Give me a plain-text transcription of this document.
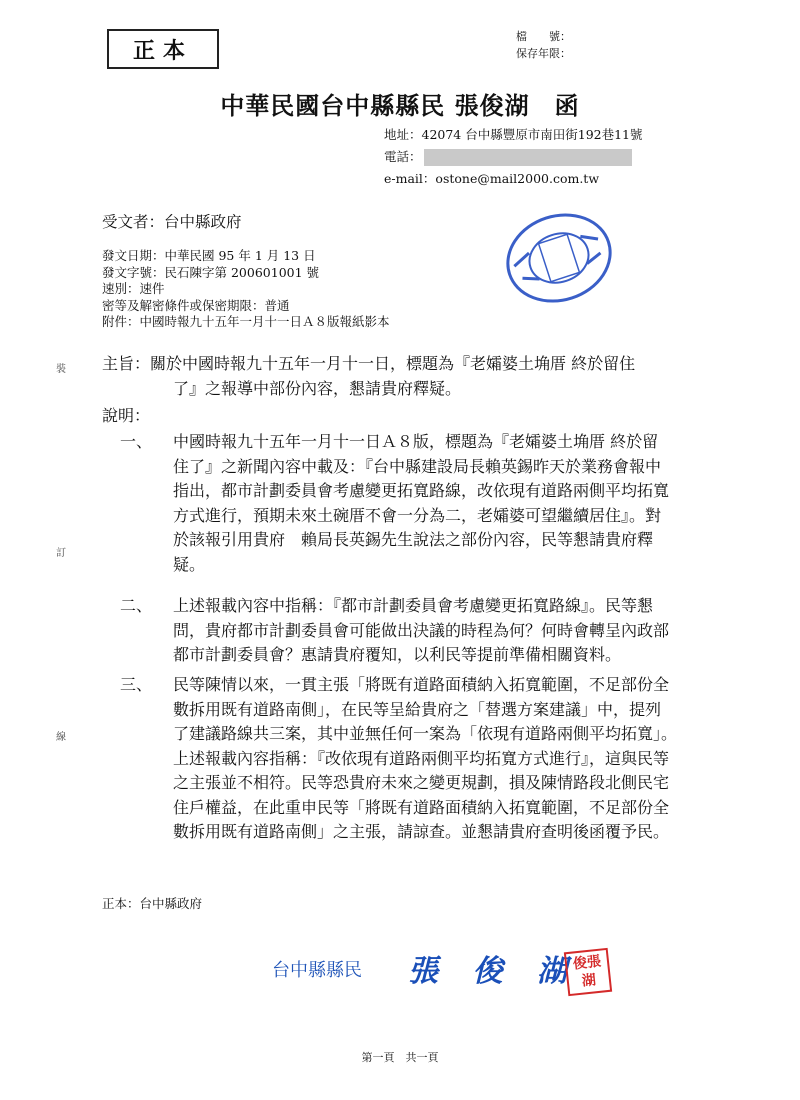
正本
檔　　號：
保存年限：
中華民國台中縣縣民 張俊湖　函
地址：42074 台中縣豐原市南田街192巷11號
電話：
e-mail：ostone@mail2000.com.tw
受文者：台中縣政府
發文日期：中華民國 95 年 1 月 13 日
發文字號：民石陳字第 200601001 號
速別：速件
密等及解密條件或保密期限：普通
附件：中國時報九十五年一月十一日Ａ８版報紙影本
主旨：關於中國時報九十五年一月十一日，標題為『老孀婆土埆厝 終於留住
了』之報導中部份內容，懇請貴府釋疑。
說明：
一、 中國時報九十五年一月十一日Ａ８版，標題為『老孀婆土埆厝 終於留
住了』之新聞內容中載及：『台中縣建設局長賴英錫昨天於業務會報中
指出，都市計劃委員會考慮變更拓寬路線，改依現有道路兩側平均拓寬
方式進行，預期未來土碗厝不會一分為二，老孀婆可望繼續居住』。對
於該報引用貴府　賴局長英錫先生說法之部份內容，民等懇請貴府釋
疑。
二、 上述報載內容中指稱：『都市計劃委員會考慮變更拓寬路線』。民等懇
問，貴府都市計劃委員會可能做出決議的時程為何？何時會轉呈內政部
都市計劃委員會？惠請貴府覆知，以利民等提前準備相關資料。
三、 民等陳情以來，一貫主張「將既有道路面積納入拓寬範圍，不足部份全
數拆用既有道路南側」，在民等呈給貴府之「替選方案建議」中，提列
了建議路線共三案，其中並無任何一案為「依現有道路兩側平均拓寬」。
上述報載內容指稱：『改依現有道路兩側平均拓寬方式進行』，這與民等
之主張並不相符。民等恐貴府未來之變更規劃，損及陳情路段北側民宅
住戶權益，在此重申民等「將既有道路面積納入拓寬範圍，不足部份全
數拆用既有道路南側」之主張，請諒查。並懇請貴府查明後函覆予民。
裝
訂
線
正本：台中縣政府
台中縣縣民 張 俊 湖
俊張湖
第一頁　共一頁
